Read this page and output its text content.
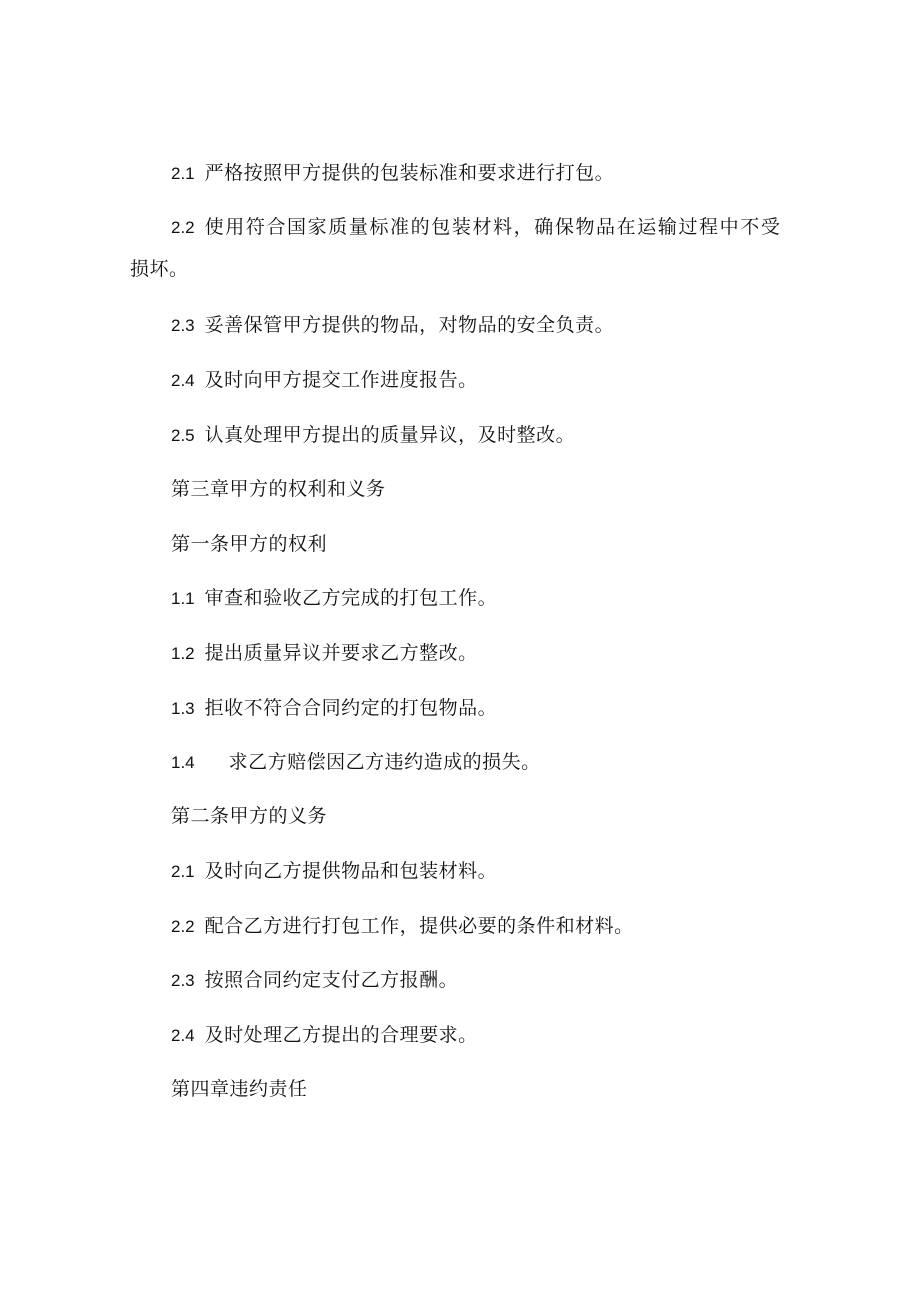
2.1 严格按照甲方提供的包装标准和要求进行打包。
2.2 使用符合国家质量标准的包装材料，确保物品在运输过程中不受
损坏。
2.3 妥善保管甲方提供的物品，对物品的安全负责。
2.4 及时向甲方提交工作进度报告。
2.5 认真处理甲方提出的质量异议，及时整改。
第三章甲方的权利和义务
第一条甲方的权利
1.1 审查和验收乙方完成的打包工作。
1.2 提出质量异议并要求乙方整改。
1.3 拒收不符合合同约定的打包物品。
1.4 求乙方赔偿因乙方违约造成的损失。
第二条甲方的义务
2.1 及时向乙方提供物品和包装材料。
2.2 配合乙方进行打包工作，提供必要的条件和材料。
2.3 按照合同约定支付乙方报酬。
2.4 及时处理乙方提出的合理要求。
第四章违约责任
